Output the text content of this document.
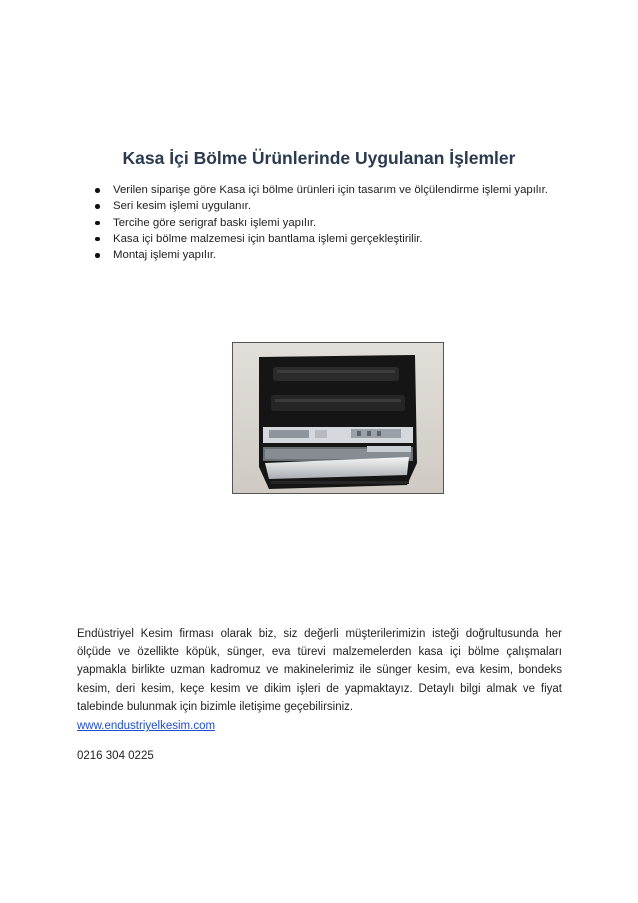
Kasa İçi Bölme Ürünlerinde Uygulanan İşlemler
Verilen siparişe göre Kasa içi bölme ürünleri için tasarım ve ölçülendirme işlemi yapılır.
Seri kesim işlemi uygulanır.
Tercihe göre serigraf baskı işlemi yapılır.
Kasa içi bölme malzemesi için bantlama işlemi gerçekleştirilir.
Montaj işlemi yapılır.

Endüstriyel Kesim firması olarak biz, siz değerli müşterilerimizin isteği doğrultusunda her ölçüde ve özellikte köpük, sünger, eva türevi malzemelerden kasa içi bölme çalışmaları yapmakla birlikte uzman kadromuz ve makinelerimiz ile sünger kesim, eva kesim, bondeks kesim, deri kesim, keçe kesim ve dikim işleri de yapmaktayız. Detaylı bilgi almak ve fiyat talebinde bulunmak için bizimle iletişime geçebilirsiniz.

www.endustriyelkesim.com
0216 304 0225
